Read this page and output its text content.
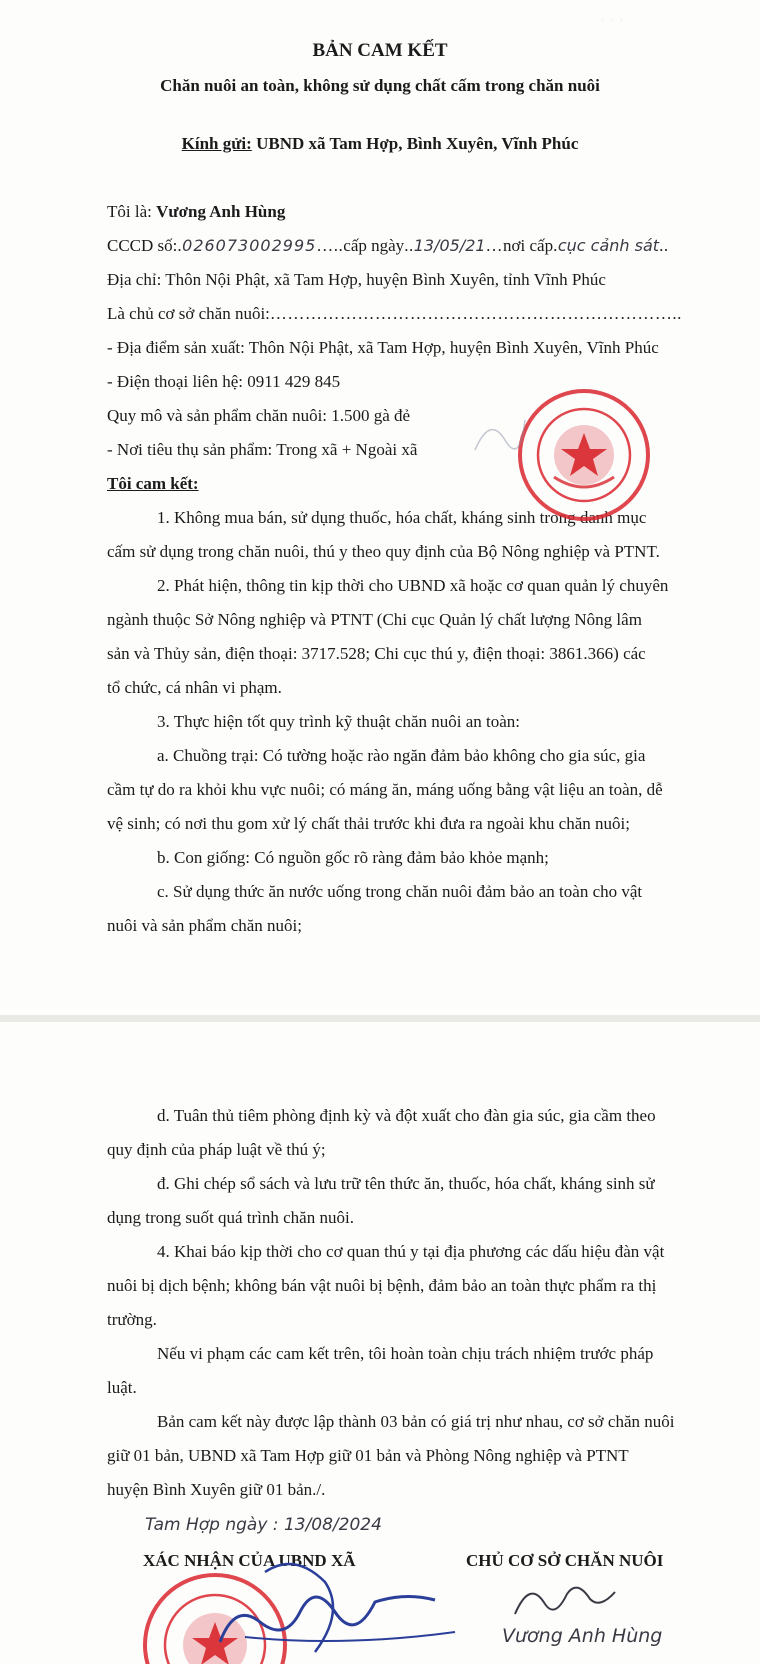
· · ·
BẢN CAM KẾT
Chăn nuôi an toàn, không sử dụng chất cấm trong chăn nuôi
Kính gửi: UBND xã Tam Hợp, Bình Xuyên, Vĩnh Phúc
Tôi là: Vương Anh Hùng
CCCD số:.026073002995…..cấp ngày..13/05/21…nơi cấp.cục cảnh sát..
Địa chỉ: Thôn Nội Phật, xã Tam Hợp, huyện Bình Xuyên, tỉnh Vĩnh Phúc
Là chủ cơ sở chăn nuôi:……………………………………………………………..
- Địa điểm sản xuất: Thôn Nội Phật, xã Tam Hợp, huyện Bình Xuyên, Vĩnh Phúc
- Điện thoại liên hệ: 0911 429 845
Quy mô và sản phẩm chăn nuôi: 1.500 gà đẻ
- Nơi tiêu thụ sản phẩm: Trong xã + Ngoài xã
Tôi cam kết:
1. Không mua bán, sử dụng thuốc, hóa chất, kháng sinh trong danh mục
cấm sử dụng trong chăn nuôi, thú y theo quy định của Bộ Nông nghiệp và PTNT.
2. Phát hiện, thông tin kịp thời cho UBND xã hoặc cơ quan quản lý chuyên
ngành thuộc Sở Nông nghiệp và PTNT (Chi cục Quản lý chất lượng Nông lâm
sản và Thủy sản, điện thoại: 3717.528; Chi cục thú y, điện thoại: 3861.366) các
tổ chức, cá nhân vi phạm.
3. Thực hiện tốt quy trình kỹ thuật chăn nuôi an toàn:
a. Chuồng trại: Có tường hoặc rào ngăn đảm bảo không cho gia súc, gia
cầm tự do ra khỏi khu vực nuôi; có máng ăn, máng uống bằng vật liệu an toàn, dễ
vệ sinh; có nơi thu gom xử lý chất thải trước khi đưa ra ngoài khu chăn nuôi;
b. Con giống: Có nguồn gốc rõ ràng đảm bảo khỏe mạnh;
c. Sử dụng thức ăn nước uống trong chăn nuôi đảm bảo an toàn cho vật
nuôi và sản phẩm chăn nuôi;
d. Tuân thủ tiêm phòng định kỳ và đột xuất cho đàn gia súc, gia cầm theo
quy định của pháp luật về thú ý;
đ. Ghi chép sổ sách và lưu trữ tên thức ăn, thuốc, hóa chất, kháng sinh sử
dụng trong suốt quá trình chăn nuôi.
4. Khai báo kịp thời cho cơ quan thú y tại địa phương các dấu hiệu đàn vật
nuôi bị dịch bệnh; không bán vật nuôi bị bệnh, đảm bảo an toàn thực phẩm ra thị
trường.
Nếu vi phạm các cam kết trên, tôi hoàn toàn chịu trách nhiệm trước pháp
luật.
Bản cam kết này được lập thành 03 bản có giá trị như nhau, cơ sở chăn nuôi
giữ 01 bản, UBND xã Tam Hợp giữ 01 bản và Phòng Nông nghiệp và PTNT
huyện Bình Xuyên giữ 01 bản./.
Tam Hợp ngày : 13/08/2024
XÁC NHẬN CỦA UBND XÃ	CHỦ CƠ SỞ CHĂN NUÔI
Vương Anh Hùng
